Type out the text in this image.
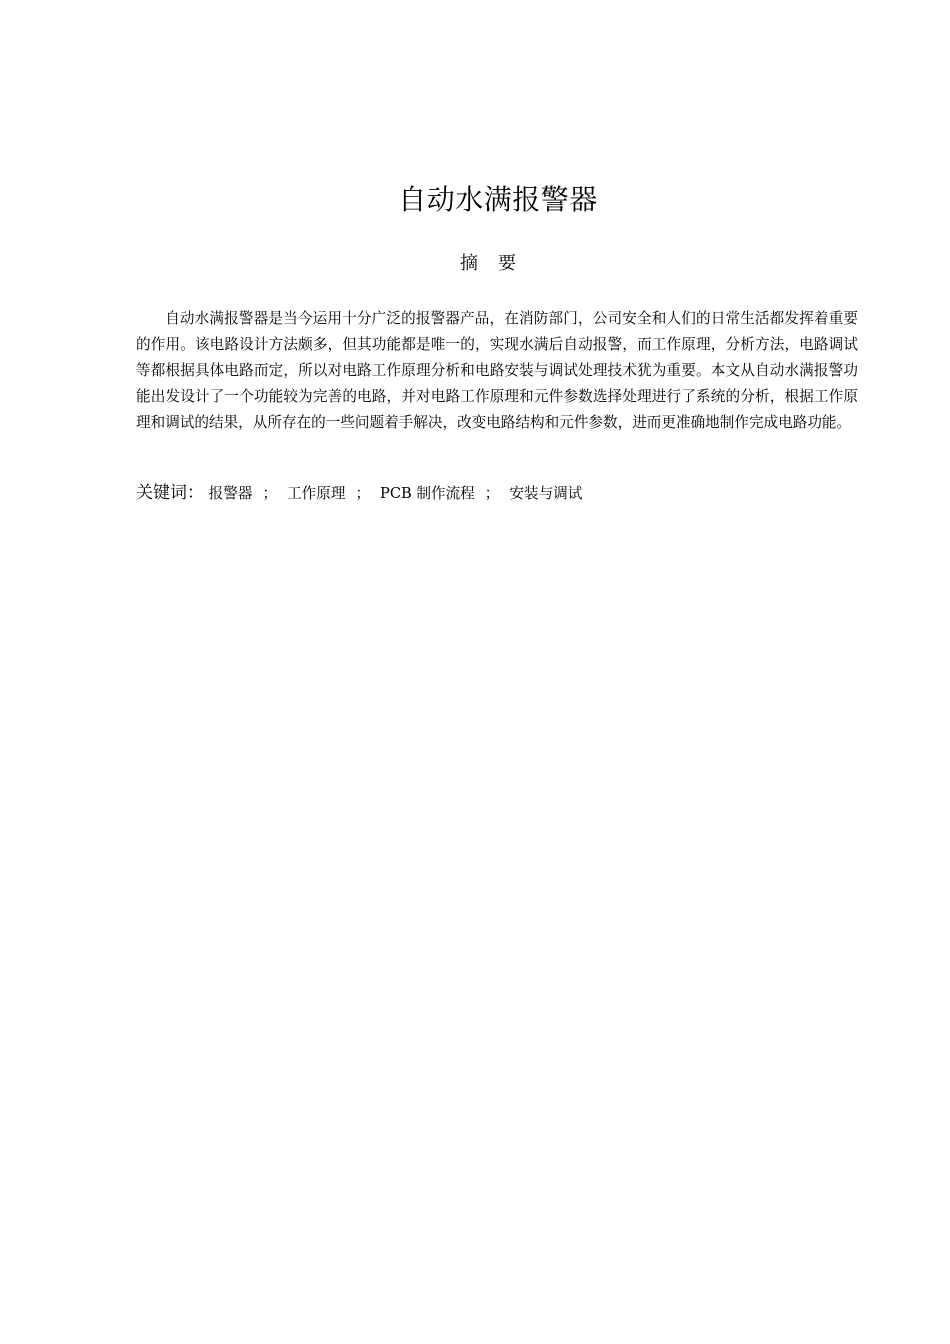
自动水满报警器
摘要

自动水满报警器是当今运用十分广泛的报警器产品，在消防部门，公司安全和人们的日常生活都发挥着重要的作用。该电路设计方法颇多，但其功能都是唯一的，实现水满后自动报警，而工作原理，分析方法，电路调试等都根据具体电路而定，所以对电路工作原理分析和电路安装与调试处理技术犹为重要。本文从自动水满报警功能出发设计了一个功能较为完善的电路，并对电路工作原理和元件参数选择处理进行了系统的分析，根据工作原理和调试的结果，从所存在的一些问题着手解决，改变电路结构和元件参数，进而更准确地制作完成电路功能。

关键词： 报警器 ； 工作原理 ； PCB 制作流程 ； 安装与调试
